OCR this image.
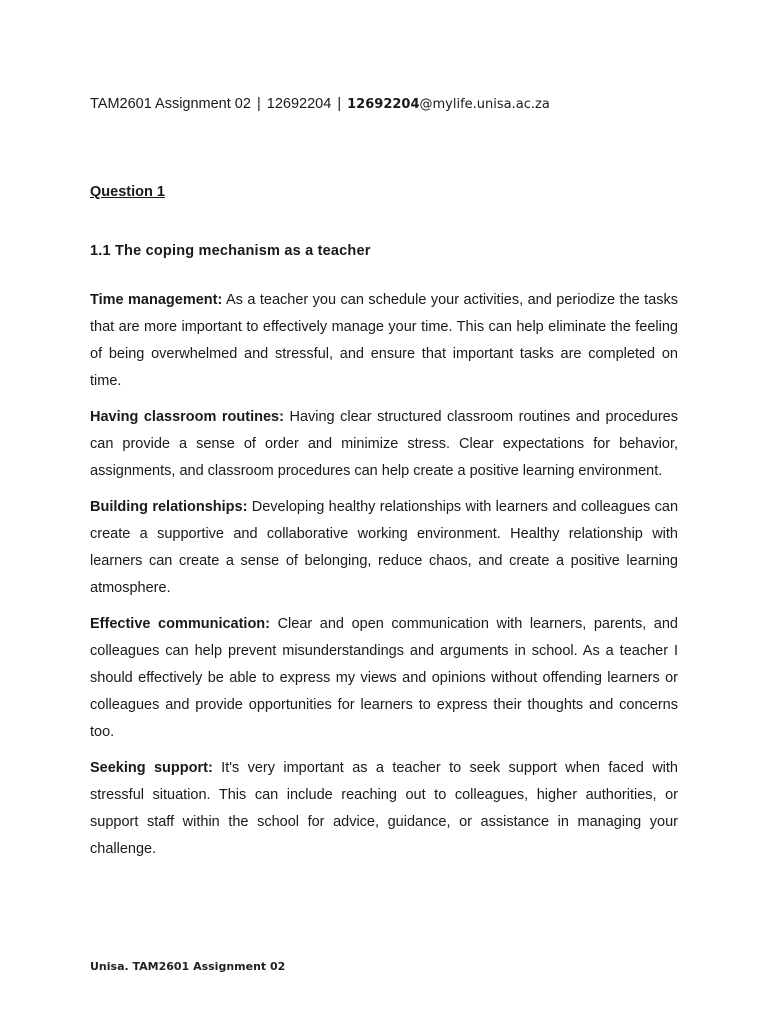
TAM2601 Assignment 02 | 12692204 | 12692204@mylife.unisa.ac.za
Question 1
1.1 The coping mechanism as a teacher

Time management: As a teacher you can schedule your activities, and periodize the tasks that are more important to effectively manage your time. This can help eliminate the feeling of being overwhelmed and stressful, and ensure that important tasks are completed on time.

Having classroom routines: Having clear structured classroom routines and procedures can provide a sense of order and minimize stress. Clear expectations for behavior, assignments, and classroom procedures can help create a positive learning environment.

Building relationships: Developing healthy relationships with learners and colleagues can create a supportive and collaborative working environment. Healthy relationship with learners can create a sense of belonging, reduce chaos, and create a positive learning atmosphere.

Effective communication: Clear and open communication with learners, parents, and colleagues can help prevent misunderstandings and arguments in school. As a teacher I should effectively be able to express my views and opinions without offending learners or colleagues and provide opportunities for learners to express their thoughts and concerns too.

Seeking support: It's very important as a teacher to seek support when faced with stressful situation. This can include reaching out to colleagues, higher authorities, or support staff within the school for advice, guidance, or assistance in managing your challenge.

Unisa. TAM2601 Assignment 02
